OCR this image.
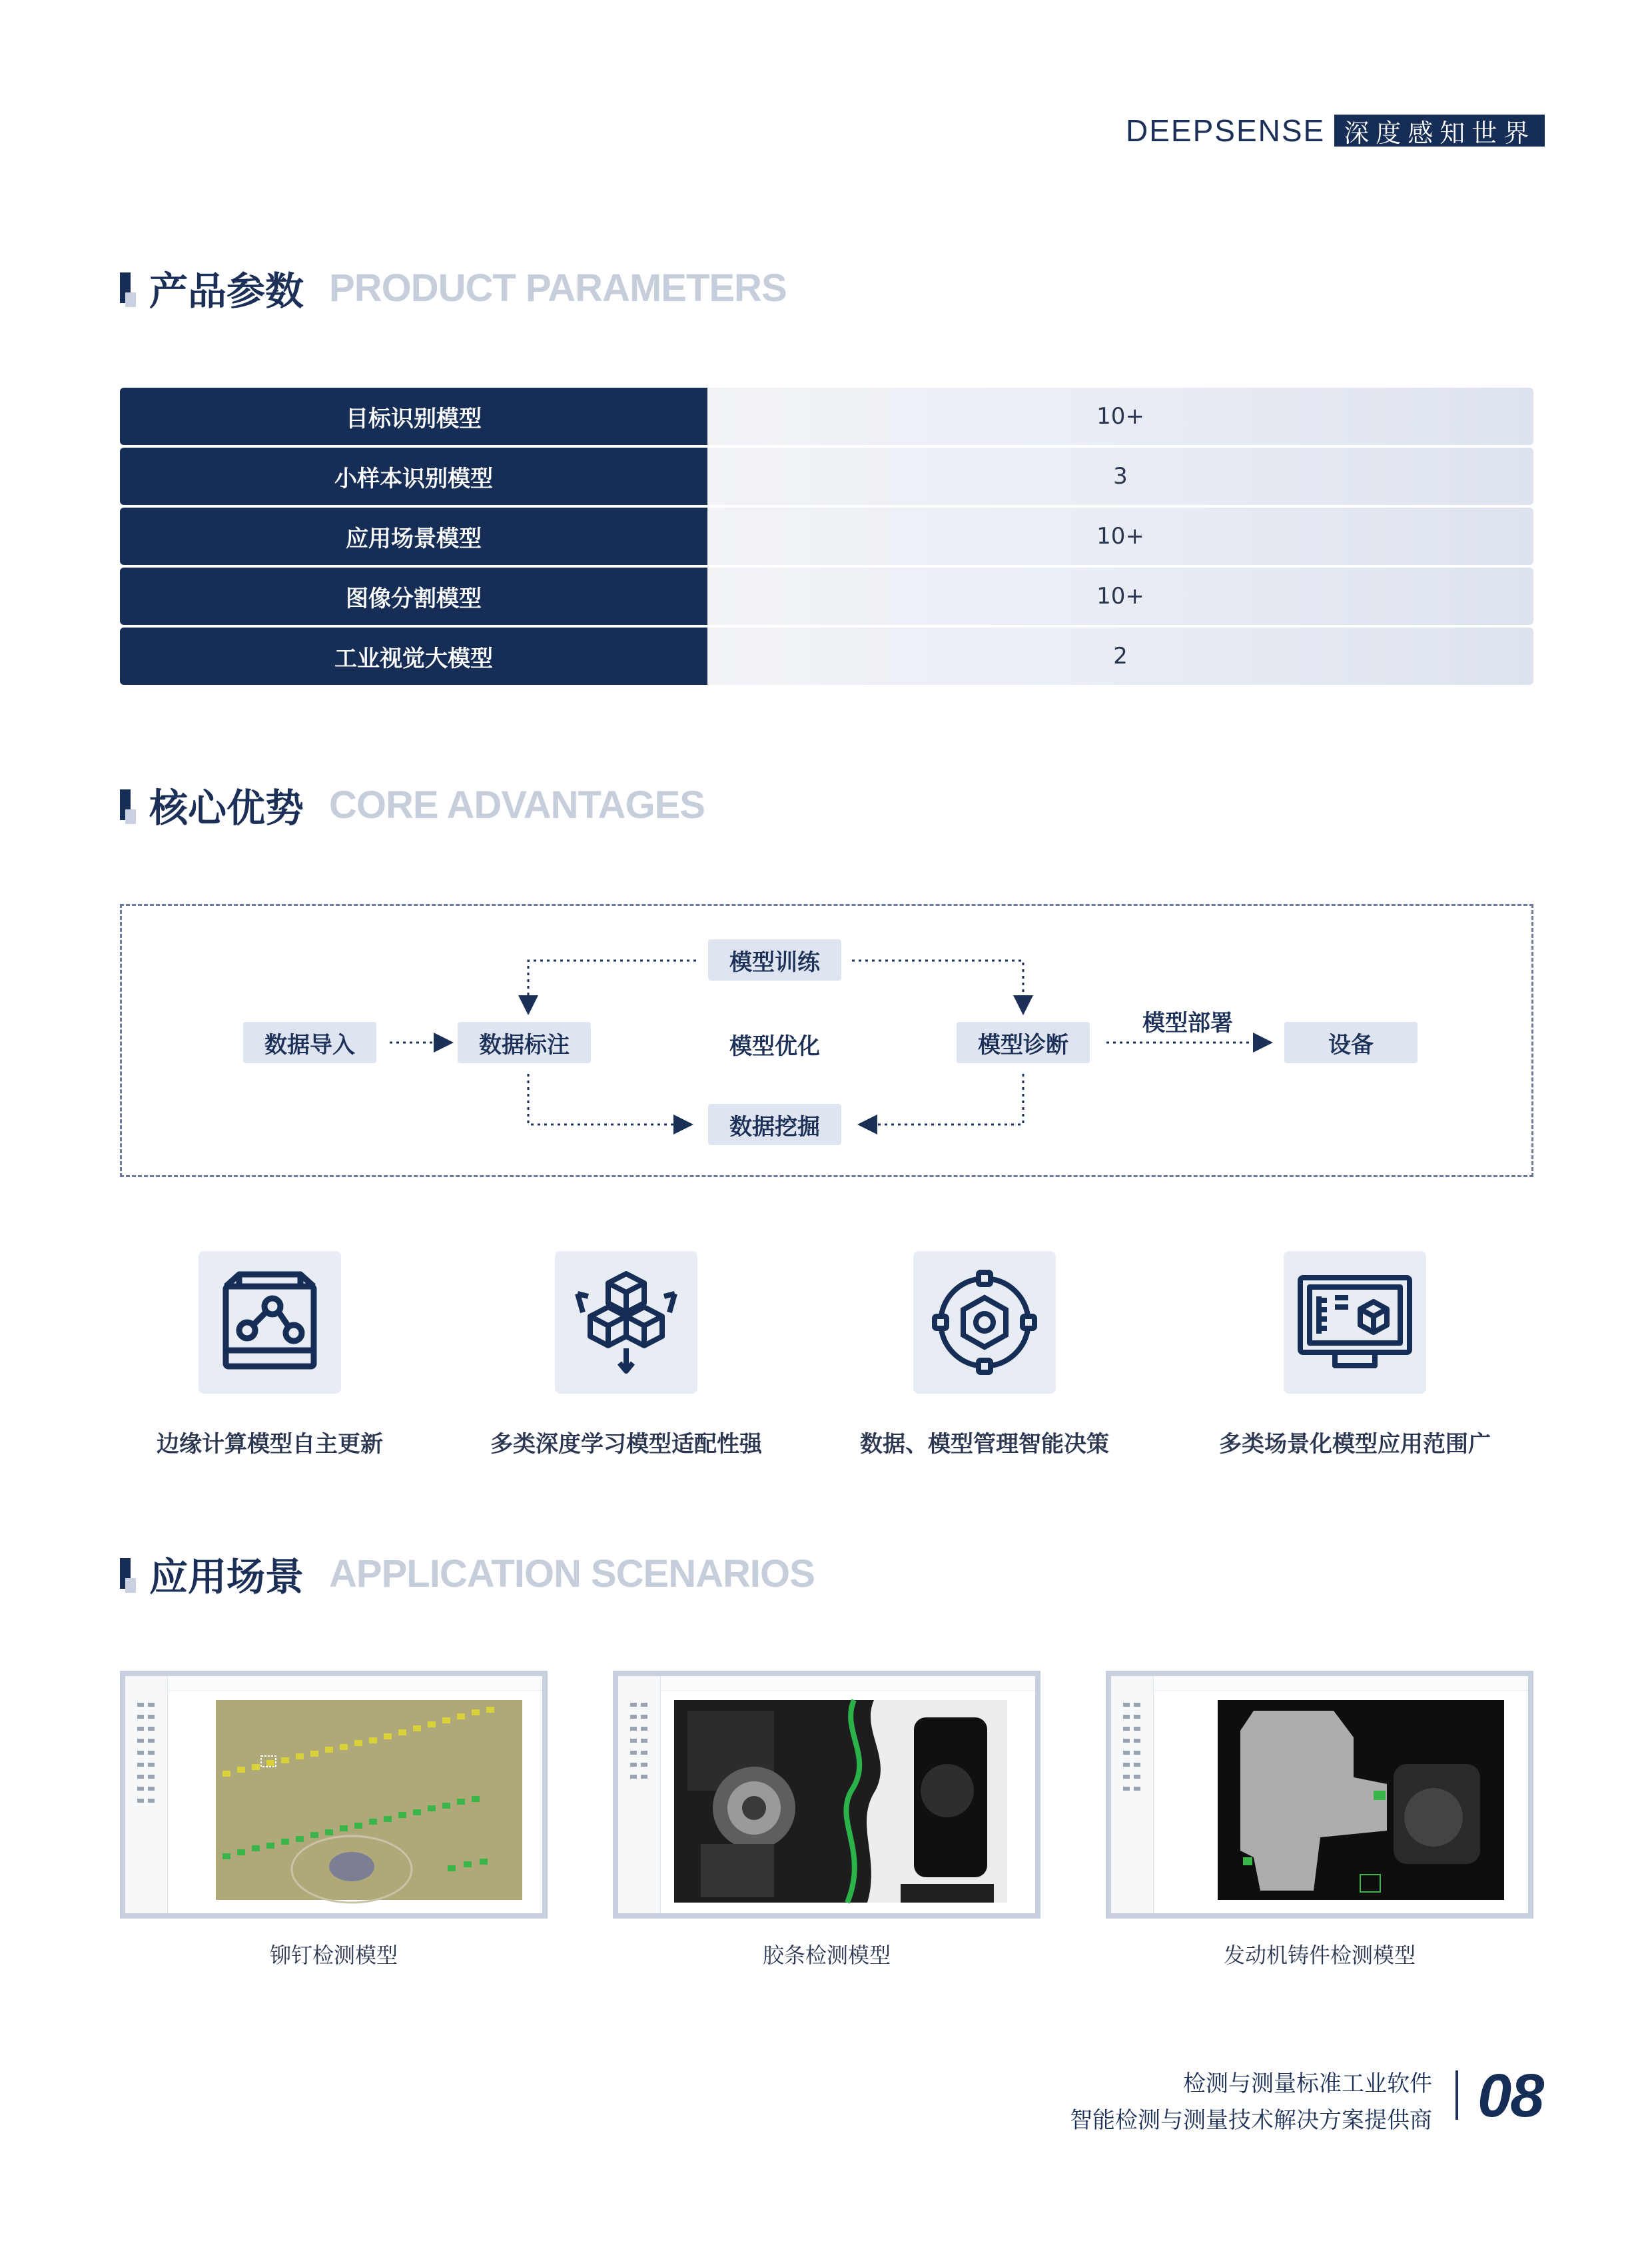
DEEPSENSE 深度感知世界
产品参数 PRODUCT PARAMETERS
目标识别模型	10+
小样本识别模型	3
应用场景模型	10+
图像分割模型	10+
工业视觉大模型	2
核心优势 CORE ADVANTAGES
数据导入	数据标注
模型训练
模型优化
数据挖掘
模型诊断
模型部署
设备
边缘计算模型自主更新	多类深度学习模型适配性强	数据、模型管理智能决策	多类场景化模型应用范围广
应用场景 APPLICATION SCENARIOS
铆钉检测模型	胶条检测模型	发动机铸件检测模型
检测与测量标准工业软件
智能检测与测量技术解决方案提供商 08
